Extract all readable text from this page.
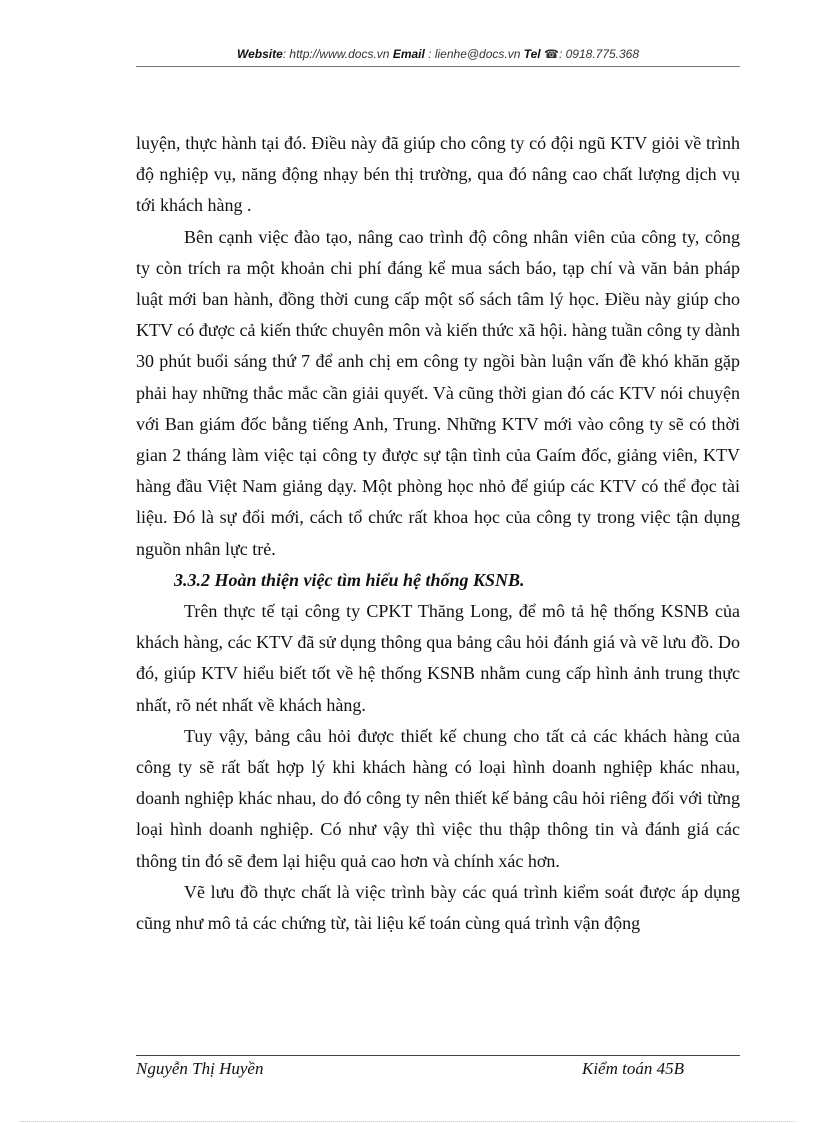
Website: http://www.docs.vn Email : lienhe@docs.vn Tel ☎: 0918.775.368

luyện, thực hành tại đó. Điều này đã giúp cho công ty có đội ngũ KTV giỏi về trình độ nghiệp vụ, năng động nhạy bén thị trường, qua đó nâng cao chất lượng dịch vụ tới khách hàng .

Bên cạnh việc đào tạo, nâng cao trình độ công nhân viên của công ty, công ty còn trích ra một khoản chi phí đáng kể mua sách báo, tạp chí và văn bản pháp luật mới ban hành, đồng thời cung cấp một số sách tâm lý học. Điều này giúp cho KTV có được cả kiến thức chuyên môn và kiến thức xã hội. hàng tuần công ty dành 30 phút buổi sáng thứ 7 để anh chị em công ty ngồi bàn luận vấn đề khó khăn gặp phải hay những thắc mắc cần giải quyết. Và cũng thời gian đó các KTV nói chuyện với Ban giám đốc bằng tiếng Anh, Trung. Những KTV mới vào công ty sẽ có thời gian 2 tháng làm việc tại công ty được sự tận tình của Gaím đốc, giảng viên, KTV hàng đầu Việt Nam giảng dạy. Một phòng học nhỏ để giúp các KTV có thể đọc tài liệu. Đó là sự đổi mới, cách tổ chức rất khoa học của công ty trong việc tận dụng nguồn nhân lực trẻ.

3.3.2 Hoàn thiện việc tìm hiểu hệ thống KSNB.

Trên thực tế tại công ty CPKT Thăng Long, để mô tả hệ thống KSNB của khách hàng, các KTV đã sử dụng thông qua bảng câu hỏi đánh giá và vẽ lưu đồ. Do đó, giúp KTV hiểu biết tốt về hệ thống KSNB nhằm cung cấp hình ảnh trung thực nhất, rõ nét nhất về khách hàng.

Tuy vậy, bảng câu hỏi được thiết kế chung cho tất cả các khách hàng của công ty sẽ rất bất hợp lý khi khách hàng có loại hình doanh nghiệp khác nhau, doanh nghiệp khác nhau, do đó công ty nên thiết kế bảng câu hỏi riêng đối với từng loại hình doanh nghiệp. Có như vậy thì việc thu thập thông tin và đánh giá các thông tin đó sẽ đem lại hiệu quả cao hơn và chính xác hơn.

Vẽ lưu đồ thực chất là việc trình bày các quá trình kiểm soát được áp dụng cũng như mô tả các chứng từ, tài liệu kế toán cùng quá trình vận động

Nguyễn Thị Huyền	Kiểm toán 45B
